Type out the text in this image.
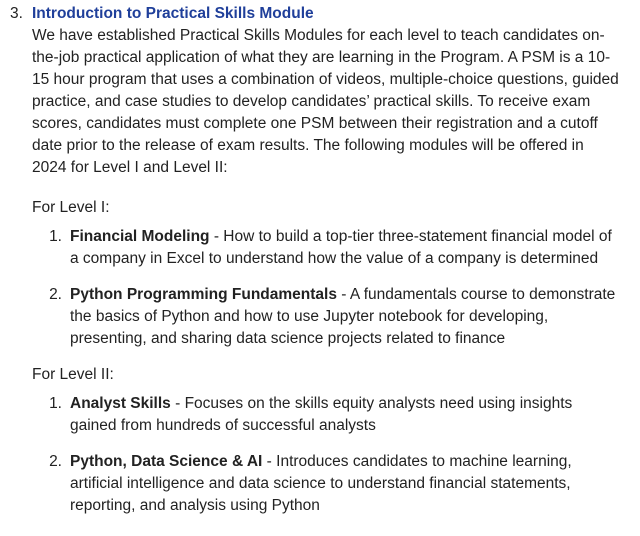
3. Introduction to Practical Skills Module

We have established Practical Skills Modules for each level to teach candidates on-the-job practical application of what they are learning in the Program. A PSM is a 10-15 hour program that uses a combination of videos, multiple-choice questions, guided practice, and case studies to develop candidates’ practical skills. To receive exam scores, candidates must complete one PSM between their registration and a cutoff date prior to the release of exam results. The following modules will be offered in 2024 for Level I and Level II:

For Level I:
1. Financial Modeling - How to build a top-tier three-statement financial model of a company in Excel to understand how the value of a company is determined
2. Python Programming Fundamentals - A fundamentals course to demonstrate the basics of Python and how to use Jupyter notebook for developing, presenting, and sharing data science projects related to finance
For Level II:
1. Analyst Skills - Focuses on the skills equity analysts need using insights gained from hundreds of successful analysts
2. Python, Data Science & AI - Introduces candidates to machine learning, artificial intelligence and data science to understand financial statements, reporting, and analysis using Python
